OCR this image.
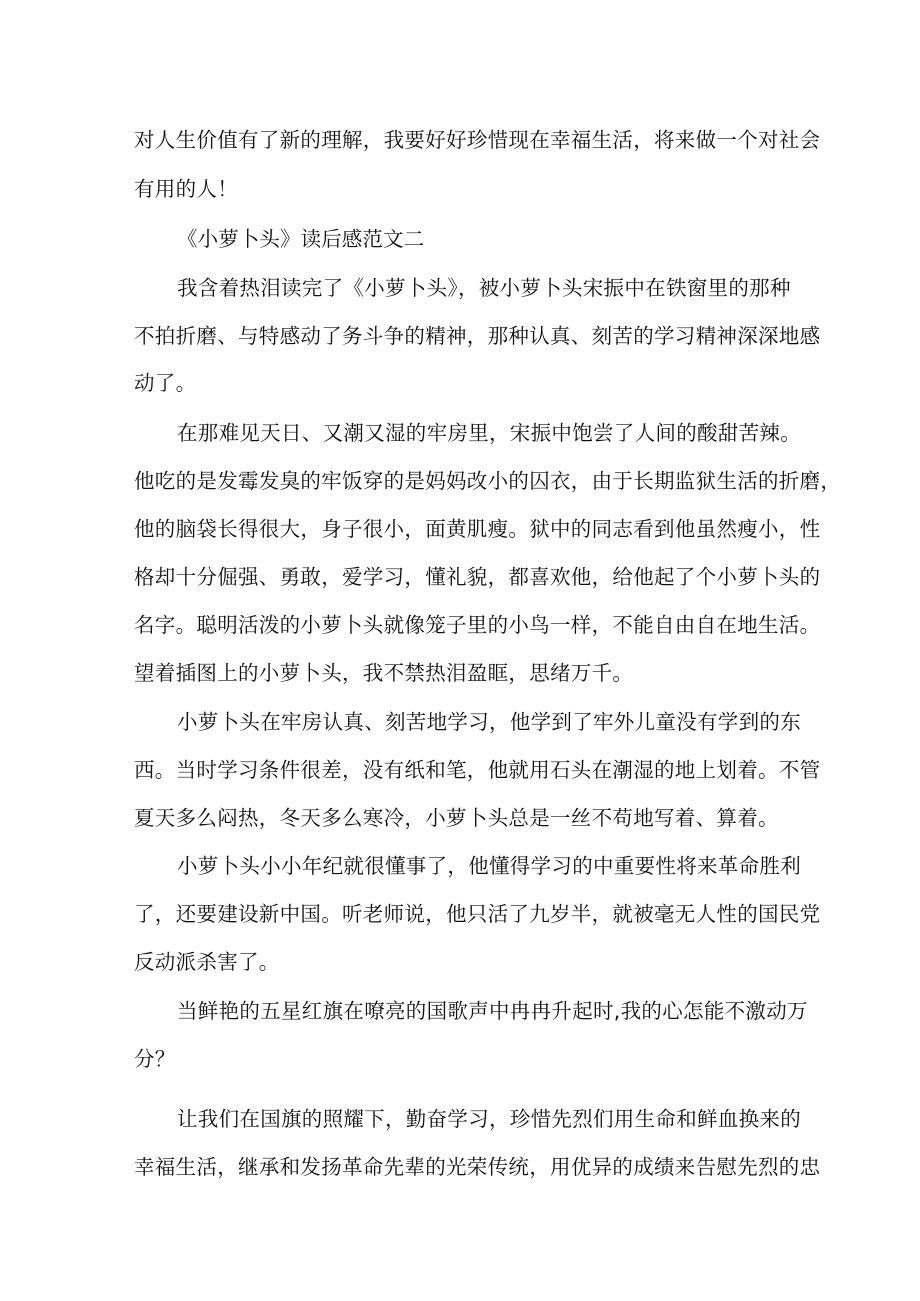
对人生价值有了新的理解，我要好好珍惜现在幸福生活，将来做一个对社会
有用的人！
《小萝卜头》读后感范文二
我含着热泪读完了《小萝卜头》，被小萝卜头宋振中在铁窗里的那种
不拍折磨、与特感动了务斗争的精神，那种认真、刻苦的学习精神深深地感
动了。
在那难见天日、又潮又湿的牢房里，宋振中饱尝了人间的酸甜苦辣。
他吃的是发霉发臭的牢饭穿的是妈妈改小的囚衣，由于长期监狱生活的折磨，
他的脑袋长得很大，身子很小，面黄肌瘦。狱中的同志看到他虽然瘦小，性
格却十分倔强、勇敢，爱学习，懂礼貌，都喜欢他，给他起了个小萝卜头的
名字。聪明活泼的小萝卜头就像笼子里的小鸟一样，不能自由自在地生活。
望着插图上的小萝卜头，我不禁热泪盈眶，思绪万千。
小萝卜头在牢房认真、刻苦地学习，他学到了牢外儿童没有学到的东
西。当时学习条件很差，没有纸和笔，他就用石头在潮湿的地上划着。不管
夏天多么闷热，冬天多么寒冷，小萝卜头总是一丝不苟地写着、算着。
小萝卜头小小年纪就很懂事了，他懂得学习的中重要性将来革命胜利
了，还要建设新中国。听老师说，他只活了九岁半，就被毫无人性的国民党
反动派杀害了。
当鲜艳的五星红旗在嘹亮的国歌声中冉冉升起时,我的心怎能不激动万
分？
让我们在国旗的照耀下，勤奋学习，珍惜先烈们用生命和鲜血换来的
幸福生活，继承和发扬革命先辈的光荣传统，用优异的成绩来告慰先烈的忠
